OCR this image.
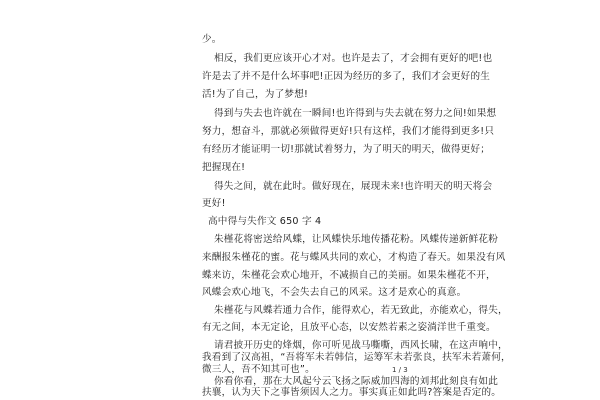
少。

相反，我们更应该开心才对。也许是去了，才会拥有更好的吧!也

许是去了并不是什么坏事吧!正因为经历的多了，我们才会更好的生

活!为了自己，为了梦想!

得到与失去也许就在一瞬间!也许得到与失去就在努力之间!如果想

努力，想奋斗，那就必须做得更好!只有这样，我们才能得到更多!只

有经历才能证明一切!那就试着努力，为了明天的明天，做得更好；

把握现在!

得失之间，就在此时。做好现在，展现未来!也许明天的明天将会

更好!

高中得与失作文 650 字 4

朱槿花将密送给风蝶，让风蝶快乐地传播花粉。风蝶传递新鲜花粉

来酬报朱槿花的蜜。花与蝶风共同的欢心，才构造了春天。如果没有风

蝶来访，朱槿花会欢心地开，不减损自己的美丽。如果朱槿花不开，

风蝶会欢心地飞，不会失去自己的风采。这才是欢心的真意。

朱槿花与风蝶若通力合作，能得欢心，若无致此，亦能欢心，得失，

有无之间，本无定论，且放平心态，以安然若素之姿淌洋世千重变。

请君披开历史的烽烟，你可听见战马嘶嘶，西风长啸，在这声响中，

我看到了汉高祖，“吾将军未若韩信，运筹军未若张良，扶军未若萧何，

微三人，吾不知其可也”。

你看你看，那在大风起兮云飞扬之际威加四海的刘邦此刻良有如此

扶襄，认为天下之事皆须因人之力。事实真正如此吗?答案是否定的。

1 / 3
